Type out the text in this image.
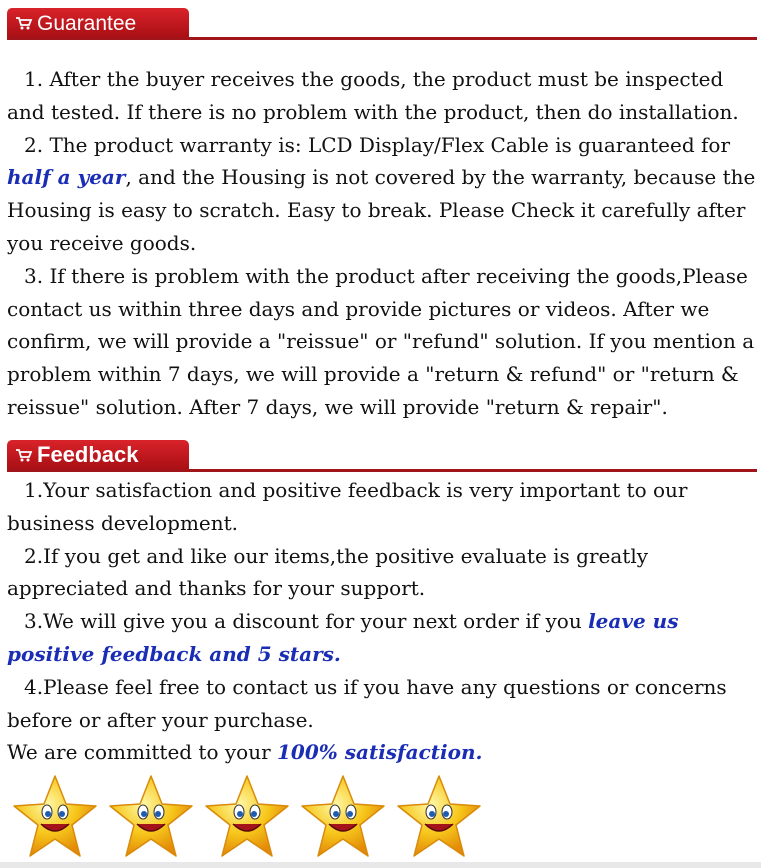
Guarantee

1. After the buyer receives the goods, the product must be inspected and tested. If there is no problem with the product, then do installation.
2. The product warranty is: LCD Display/Flex Cable is guaranteed for half a year, and the Housing is not covered by the warranty, because the Housing is easy to scratch. Easy to break. Please Check it carefully after you receive goods.
3. If there is problem with the product after receiving the goods,Please contact us within three days and provide pictures or videos. After we confirm, we will provide a "reissue" or "refund" solution. If you mention a problem within 7 days, we will provide a "return & refund" or "return & reissue" solution. After 7 days, we will provide "return & repair".

Feedback

1.Your satisfaction and positive feedback is very important to our business development.
2.If you get and like our items,the positive evaluate is greatly appreciated and thanks for your support.
3.We will give you a discount for your next order if you leave us positive feedback and 5 stars.
4.Please feel free to contact us if you have any questions or concerns before or after your purchase.
We are committed to your 100% satisfaction.
